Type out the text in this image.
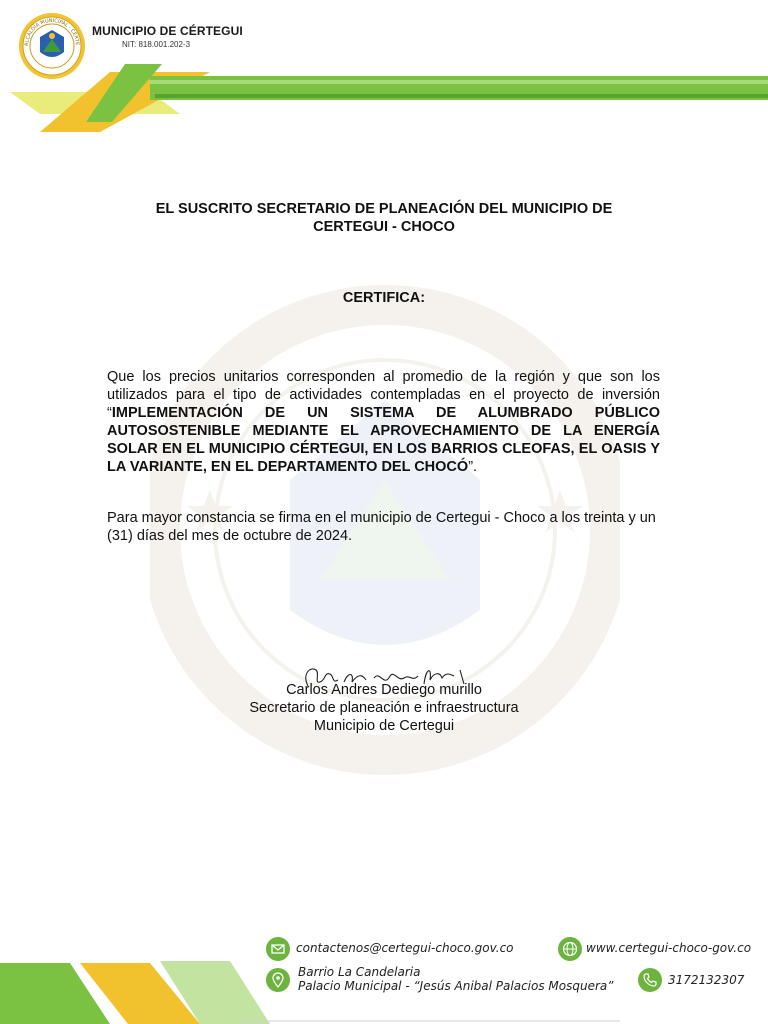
ALCALDÍA MUNICIPAL · CÉRTE
MUNICIPIO DE CÉRTEGUI
NIT: 818.001.202-3
EL SUSCRITO SECRETARIO DE PLANEACIÓN DEL MUNICIPIO DE CERTEGUI - CHOCO
CERTIFICA:
Que los precios unitarios corresponden al promedio de la región y que son los utilizados para el tipo de actividades contempladas en el proyecto de inversión “IMPLEMENTACIÓN DE UN SISTEMA DE ALUMBRADO PÚBLICO AUTOSOSTENIBLE MEDIANTE EL APROVECHAMIENTO DE LA ENERGÍA SOLAR EN EL MUNICIPIO CÉRTEGUI, EN LOS BARRIOS CLEOFAS, EL OASIS Y LA VARIANTE, EN EL DEPARTAMENTO DEL CHOCÓ”.
Para mayor constancia se firma en el municipio de Certegui - Choco a los treinta y un (31) días del mes de octubre de 2024.
Carlos Andres Dediego murillo
Secretario de planeación e infraestructura
Municipio de Certegui
contactenos@certegui-choco.gov.co	www.certegui-choco-gov.co
Barrio La Candelaria
Palacio Municipal - “Jesús Anibal Palacios Mosquera”	3172132307
